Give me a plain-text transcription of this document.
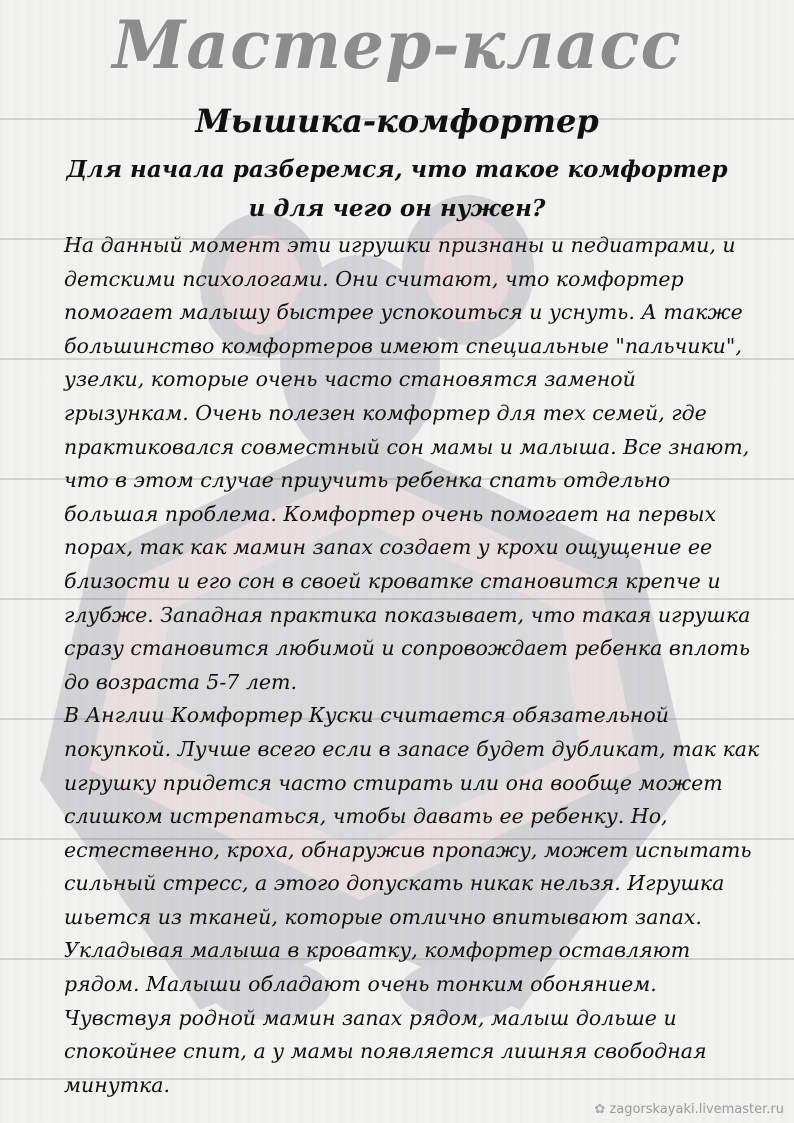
Мастер-класс
Мышика-комфортер
Для начала разберемся, что такое комфортер и для чего он нужен?

На данный момент эти игрушки признаны и педиатрами, и детскими психологами. Они считают, что комфортер помогает малышу быстрее успокоиться и уснуть. А также большинство комфортеров имеют специальные "пальчики", узелки, которые очень часто становятся заменой грызункам. Очень полезен комфортер для тех семей, где практиковался совместный сон мамы и малыша. Все знают, что в этом случае приучить ребенка спать отдельно большая проблема. Комфортер очень помогает на первых порах, так как мамин запах создает у крохи ощущение ее близости и его сон в своей кроватке становится крепче и глубже. Западная практика показывает, что такая игрушка сразу становится любимой и сопровождает ребенка вплоть до возраста 5-7 лет.

В Англии Комфортер Куски считается обязательной покупкой. Лучше всего если в запасе будет дубликат, так как игрушку придется часто стирать или она вообще может слишком истрепаться, чтобы давать ее ребенку. Но, естественно, кроха, обнаружив пропажу, может испытать сильный стресс, а этого допускать никак нельзя. Игрушка шьется из тканей, которые отлично впитывают запах. Укладывая малыша в кроватку, комфортер оставляют рядом. Малыши обладают очень тонким обонянием. Чувствуя родной мамин запах рядом, малыш дольше и спокойнее спит, а у мамы появляется лишняя свободная минутка.

✿ zagorskayaki.livemaster.ru
